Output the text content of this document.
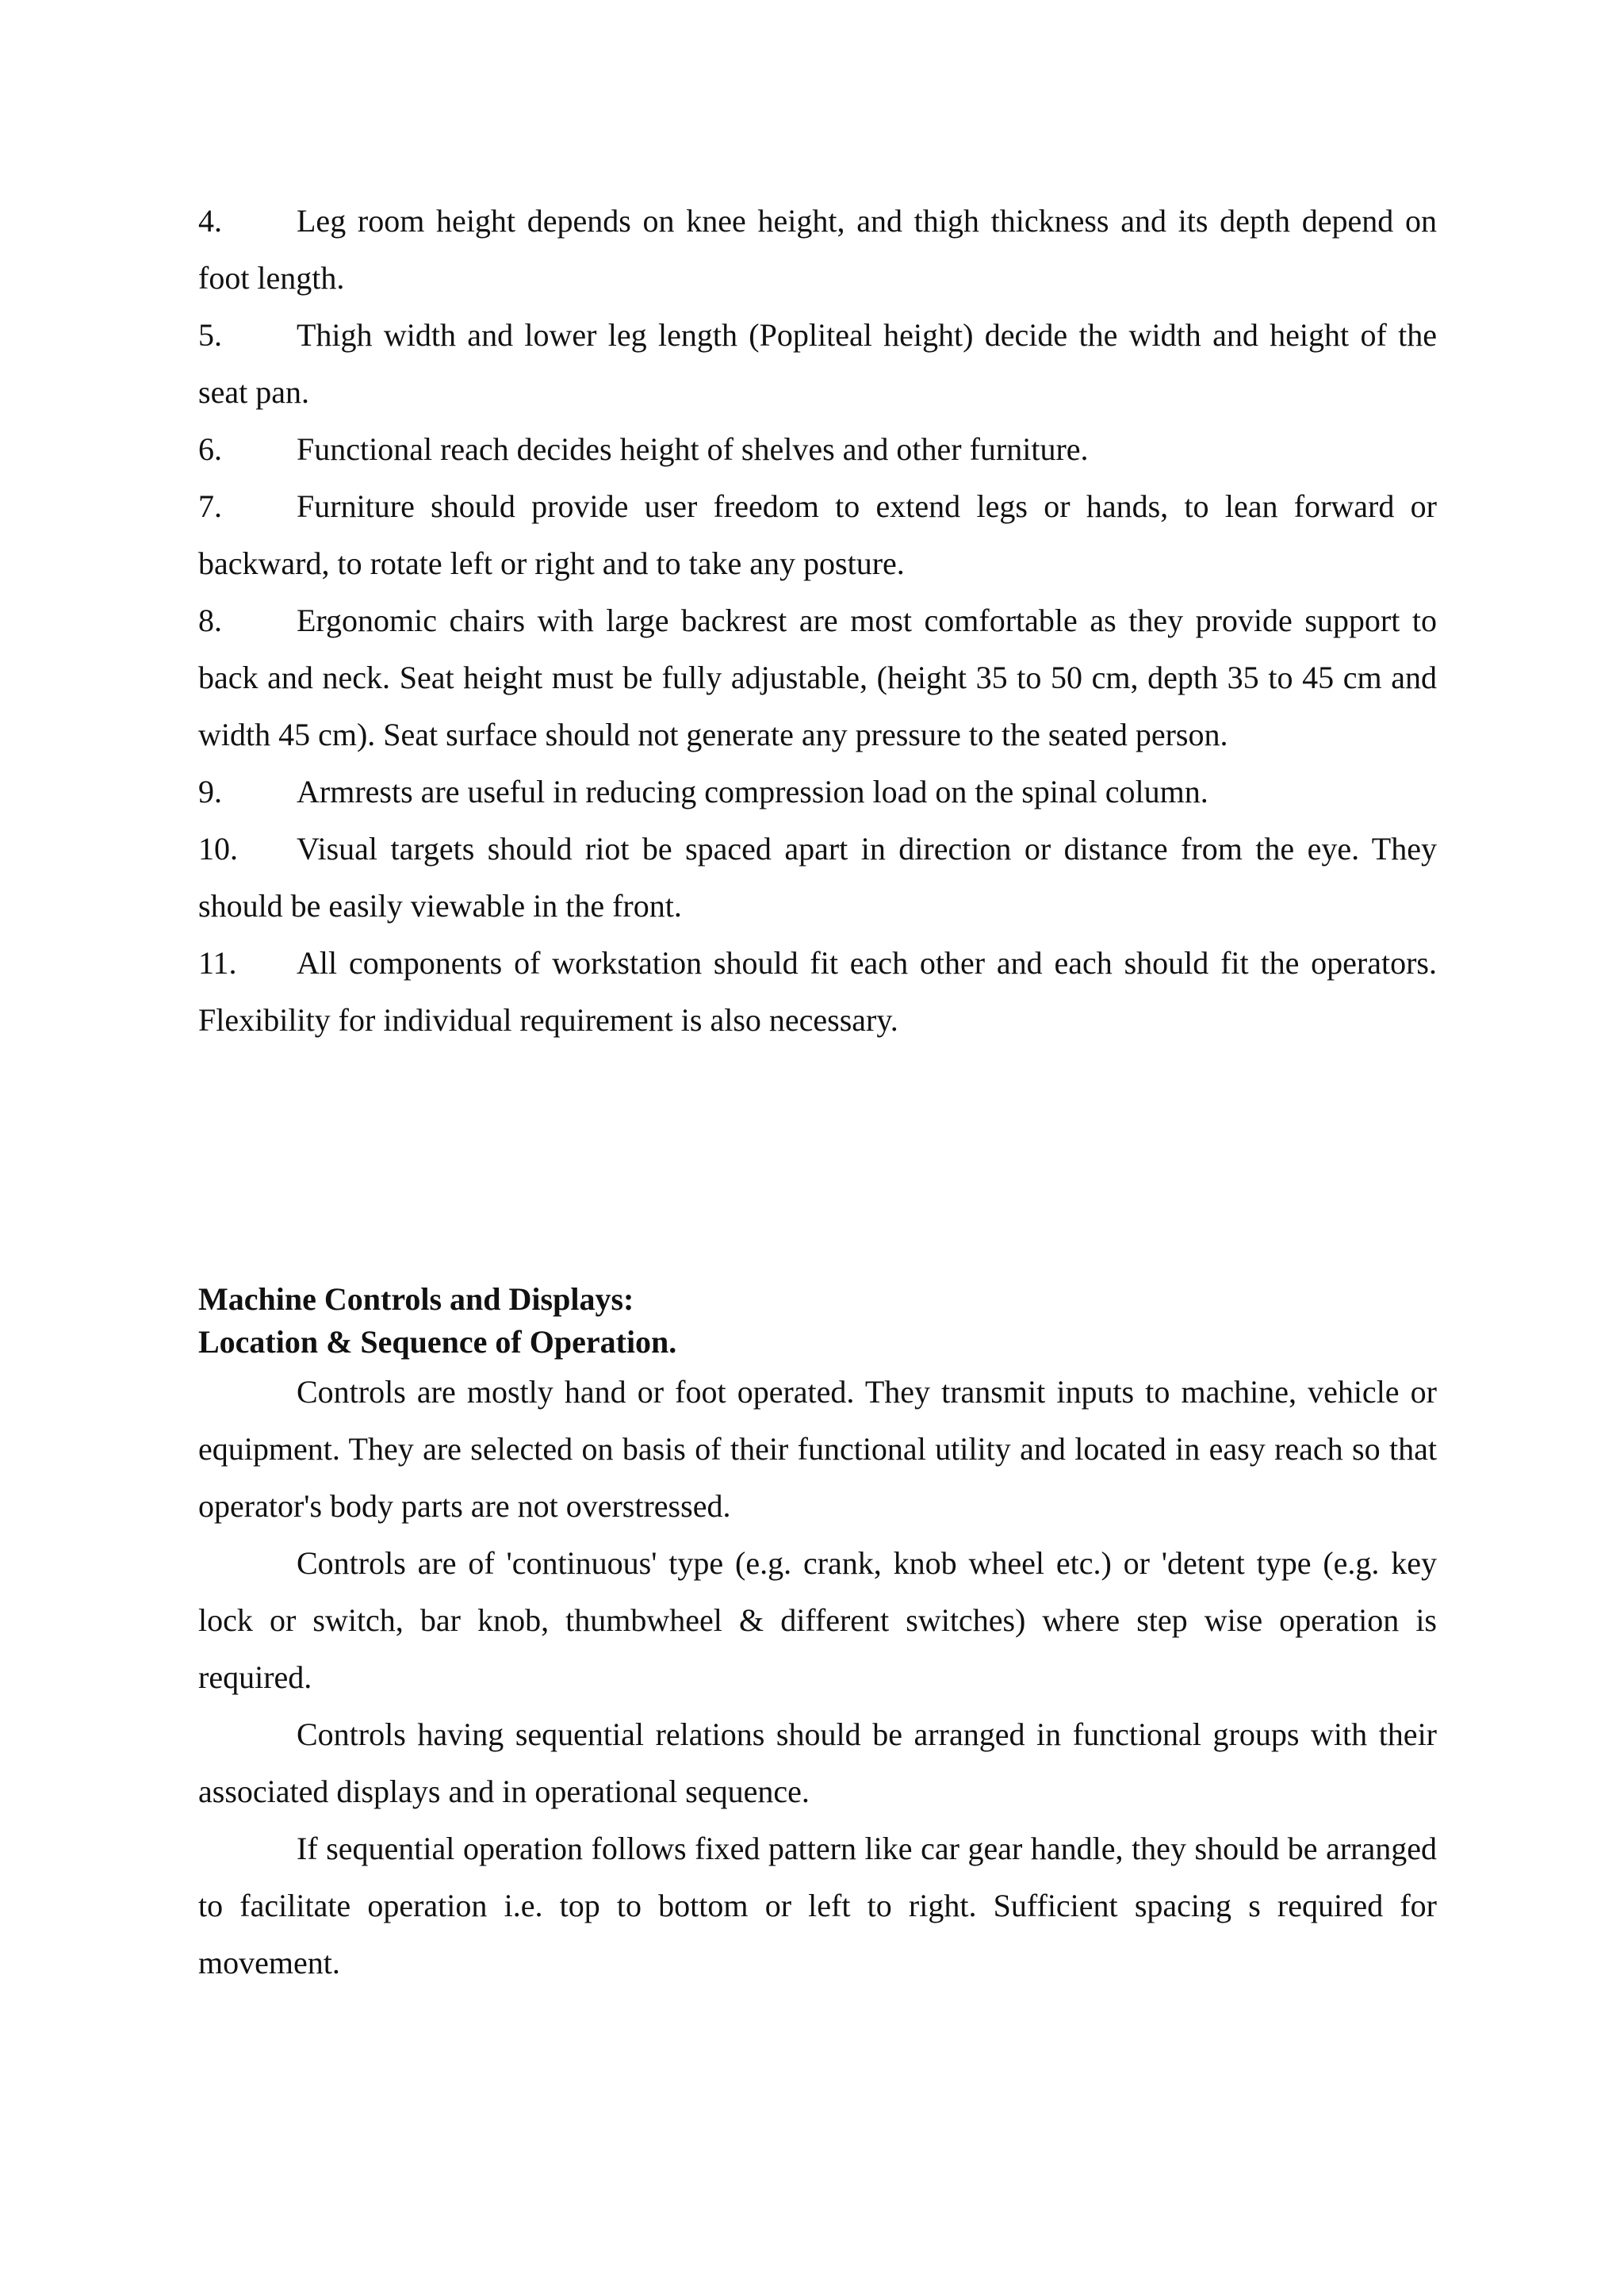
4. Leg room height depends on knee height, and thigh thickness and its depth depend on foot length.

5. Thigh width and lower leg length (Popliteal height) decide the width and height of the seat pan.

6. Functional reach decides height of shelves and other furniture.

7. Furniture should provide user freedom to extend legs or hands, to lean forward or backward, to rotate left or right and to take any posture.

8. Ergonomic chairs with large backrest are most comfortable as they provide support to back and neck. Seat height must be fully adjustable, (height 35 to 50 cm, depth 35 to 45 cm and width 45 cm). Seat surface should not generate any pressure to the seated person.

9. Armrests are useful in reducing compression load on the spinal column.

10. Visual targets should riot be spaced apart in direction or distance from the eye. They should be easily viewable in the front.

11. All components of workstation should fit each other and each should fit the operators. Flexibility for individual requirement is also necessary.

Machine Controls and Displays:

Location & Sequence of Operation.

Controls are mostly hand or foot operated. They transmit inputs to machine, vehicle or equipment. They are selected on basis of their functional utility and located in easy reach so that operator's body parts are not overstressed.

Controls are of 'continuous' type (e.g. crank, knob wheel etc.) or 'detent type (e.g. key lock or switch, bar knob, thumbwheel & different switches) where step wise operation is required.

Controls having sequential relations should be arranged in functional groups with their associated displays and in operational sequence.

If sequential operation follows fixed pattern like car gear handle, they should be arranged to facilitate operation i.e. top to bottom or left to right. Sufficient spacing s required for movement.
